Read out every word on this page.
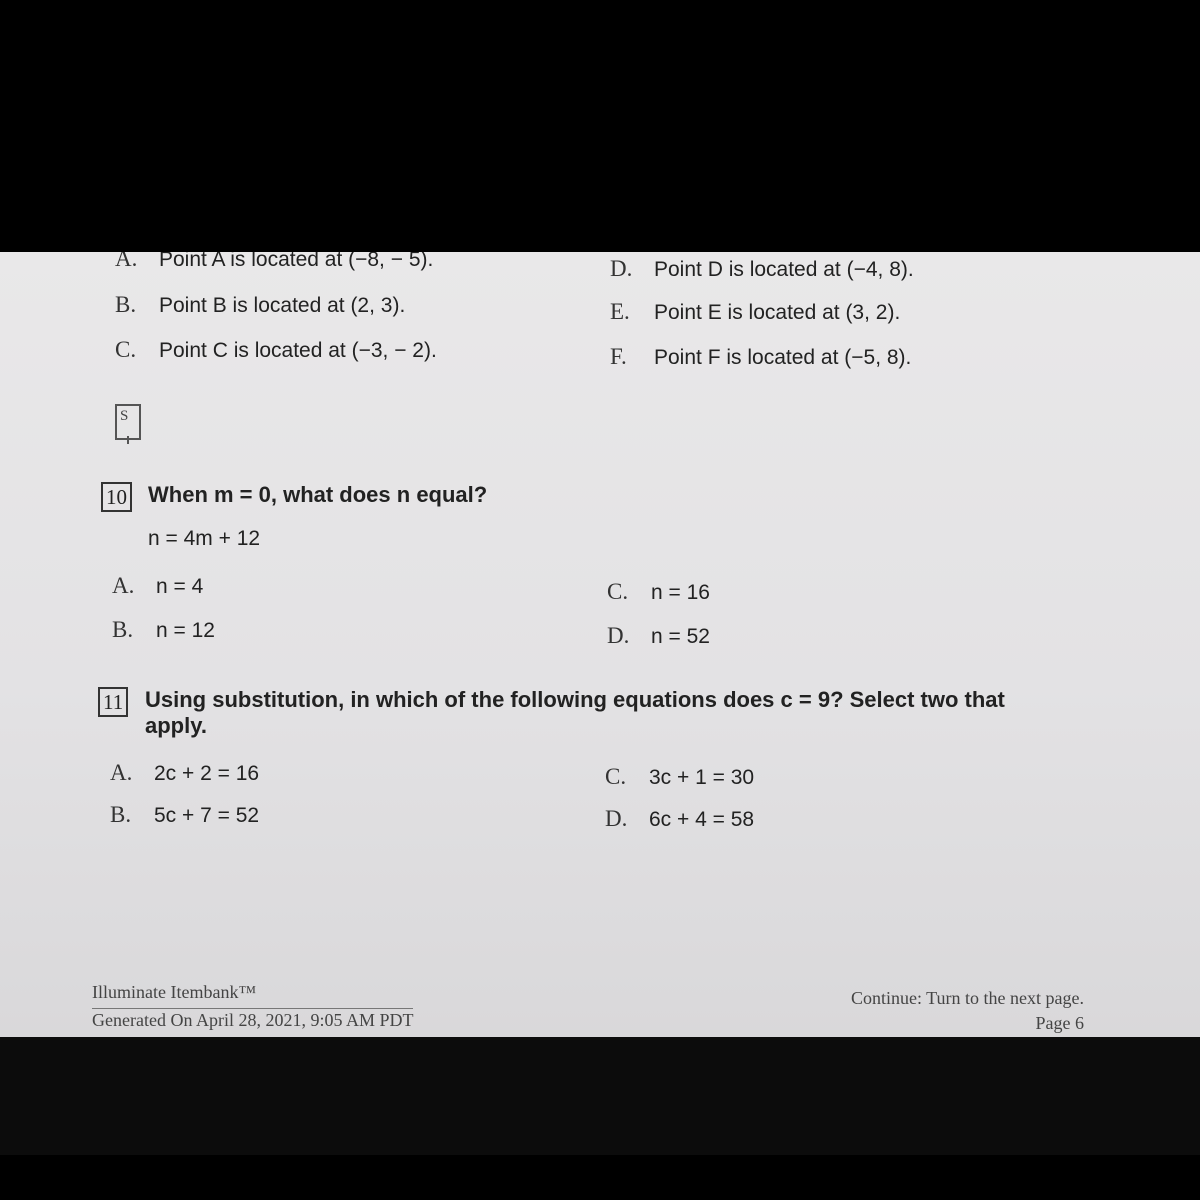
A. Point A is located at (−8, − 5).
B. Point B is located at (2, 3).
C. Point C is located at (−3, − 2).
D. Point D is located at (−4, 8).
E. Point E is located at (3, 2).
F. Point F is located at (−5, 8).
S
10 When m = 0, what does n equal?
n = 4m + 12
A. n = 4
B. n = 12
C. n = 16
D. n = 52
11 Using substitution, in which of the following equations does c = 9? Select two that
apply.
A. 2c + 2 = 16
B. 5c + 7 = 52
C. 3c + 1 = 30
D. 6c + 4 = 58
Illuminate Itembank™
Generated On April 28, 2021, 9:05 AM PDT
Continue: Turn to the next page.
Page 6
